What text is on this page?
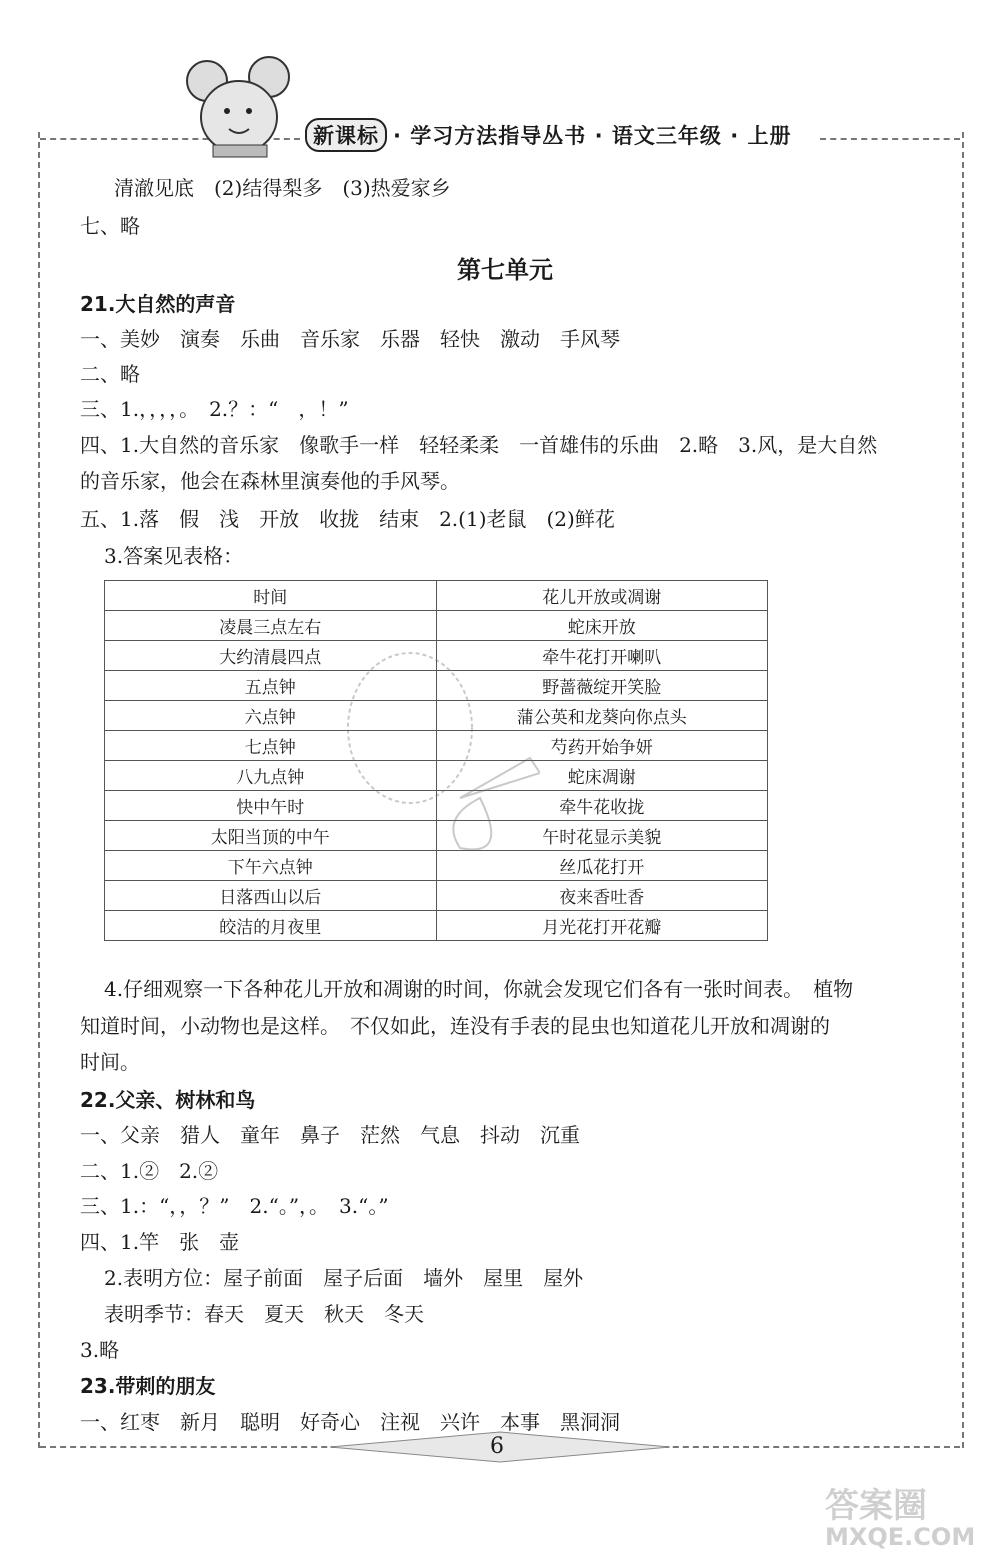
新课标 · 学习方法指导丛书 · 语文三年级 · 上册
清澈见底　(2)结得梨多　(3)热爱家乡
七、略
第七单元
21.大自然的声音
一、美妙　演奏　乐曲　音乐家　乐器　轻快　激动　手风琴
二、略
三、1.，，，，。　2.？：“　，！”
四、1.大自然的音乐家　像歌手一样　轻轻柔柔　一首雄伟的乐曲　2.略　3.风，是大自然
的音乐家，他会在森林里演奏他的手风琴。
五、1.落　假　浅　开放　收拢　结束　2.(1)老鼠　(2)鲜花
3.答案见表格：
时间	花儿开放或凋谢
凌晨三点左右	蛇床开放
大约清晨四点	牵牛花打开喇叭
五点钟	野蔷薇绽开笑脸
六点钟	蒲公英和龙葵向你点头
七点钟	芍药开始争妍
八九点钟	蛇床凋谢
快中午时	牵牛花收拢
太阳当顶的中午	午时花显示美貌
下午六点钟	丝瓜花打开
日落西山以后	夜来香吐香
皎洁的月夜里	月光花打开花瓣
4.仔细观察一下各种花儿开放和凋谢的时间，你就会发现它们各有一张时间表。　植物
知道时间，小动物也是这样。　不仅如此，连没有手表的昆虫也知道花儿开放和凋谢的
时间。
22.父亲、树林和鸟
一、父亲　猎人　童年　鼻子　茫然　气息　抖动　沉重
二、1.②　2.②
三、1.：“，，？”　2.“。”，。　3.“。”
四、1.竿　张　壶
2.表明方位：屋子前面　屋子后面　墙外　屋里　屋外
表明季节：春天　夏天　秋天　冬天
3.略
23.带刺的朋友
一、红枣　新月　聪明　好奇心　注视　兴许　本事　黑洞洞
6
答案圈
MXQE.COM
